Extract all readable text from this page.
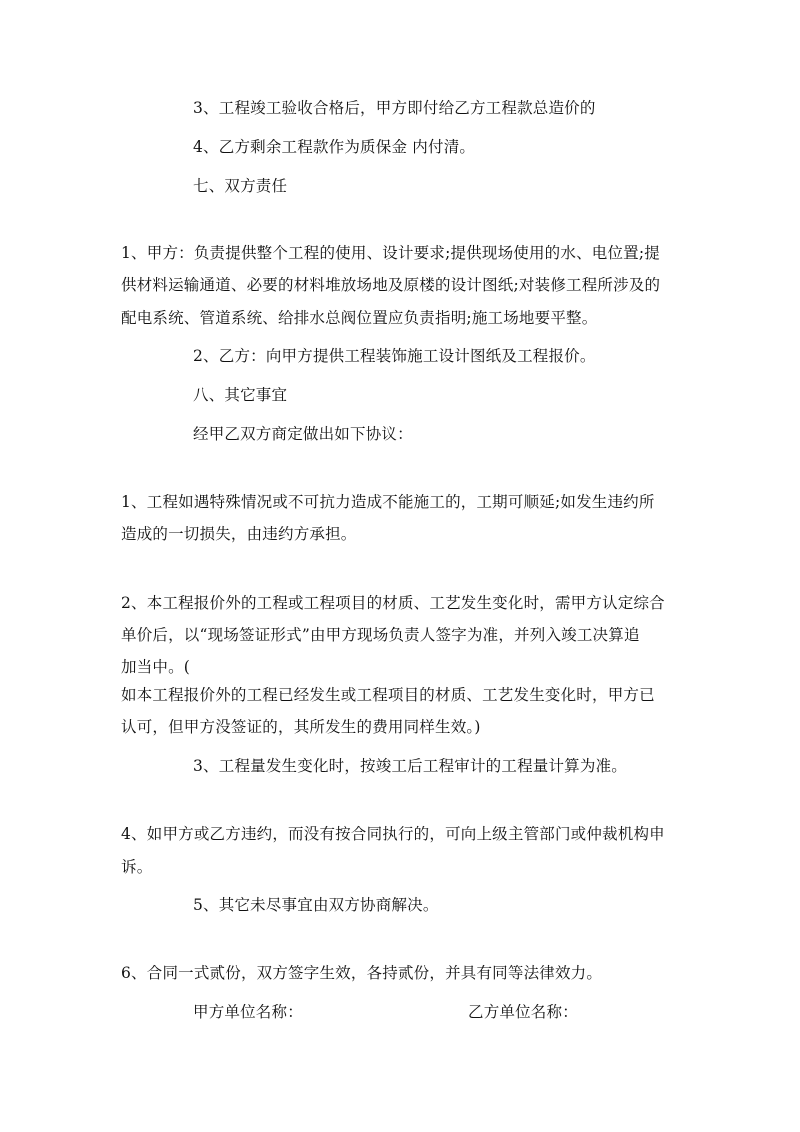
3、工程竣工验收合格后，甲方即付给乙方工程款总造价的
4、乙方剩余工程款作为质保金 内付清。
七、双方责任
1、甲方：负责提供整个工程的使用、设计要求;提供现场使用的水、电位置;提
供材料运输通道、必要的材料堆放场地及原楼的设计图纸;对装修工程所涉及的
配电系统、管道系统、给排水总阀位置应负责指明;施工场地要平整。
2、乙方：向甲方提供工程装饰施工设计图纸及工程报价。
八、其它事宜
经甲乙双方商定做出如下协议：
1、工程如遇特殊情况或不可抗力造成不能施工的，工期可顺延;如发生违约所
造成的一切损失，由违约方承担。
2、本工程报价外的工程或工程项目的材质、工艺发生变化时，需甲方认定综合
单价后，以“现场签证形式”由甲方现场负责人签字为准，并列入竣工决算追
加当中。(
如本工程报价外的工程已经发生或工程项目的材质、工艺发生变化时，甲方已
认可，但甲方没签证的，其所发生的费用同样生效。)
3、工程量发生变化时，按竣工后工程审计的工程量计算为准。
4、如甲方或乙方违约，而没有按合同执行的，可向上级主管部门或仲裁机构申
诉。
5、其它未尽事宜由双方协商解决。
6、合同一式贰份，双方签字生效，各持贰份，并具有同等法律效力。
甲方单位名称：	乙方单位名称：
